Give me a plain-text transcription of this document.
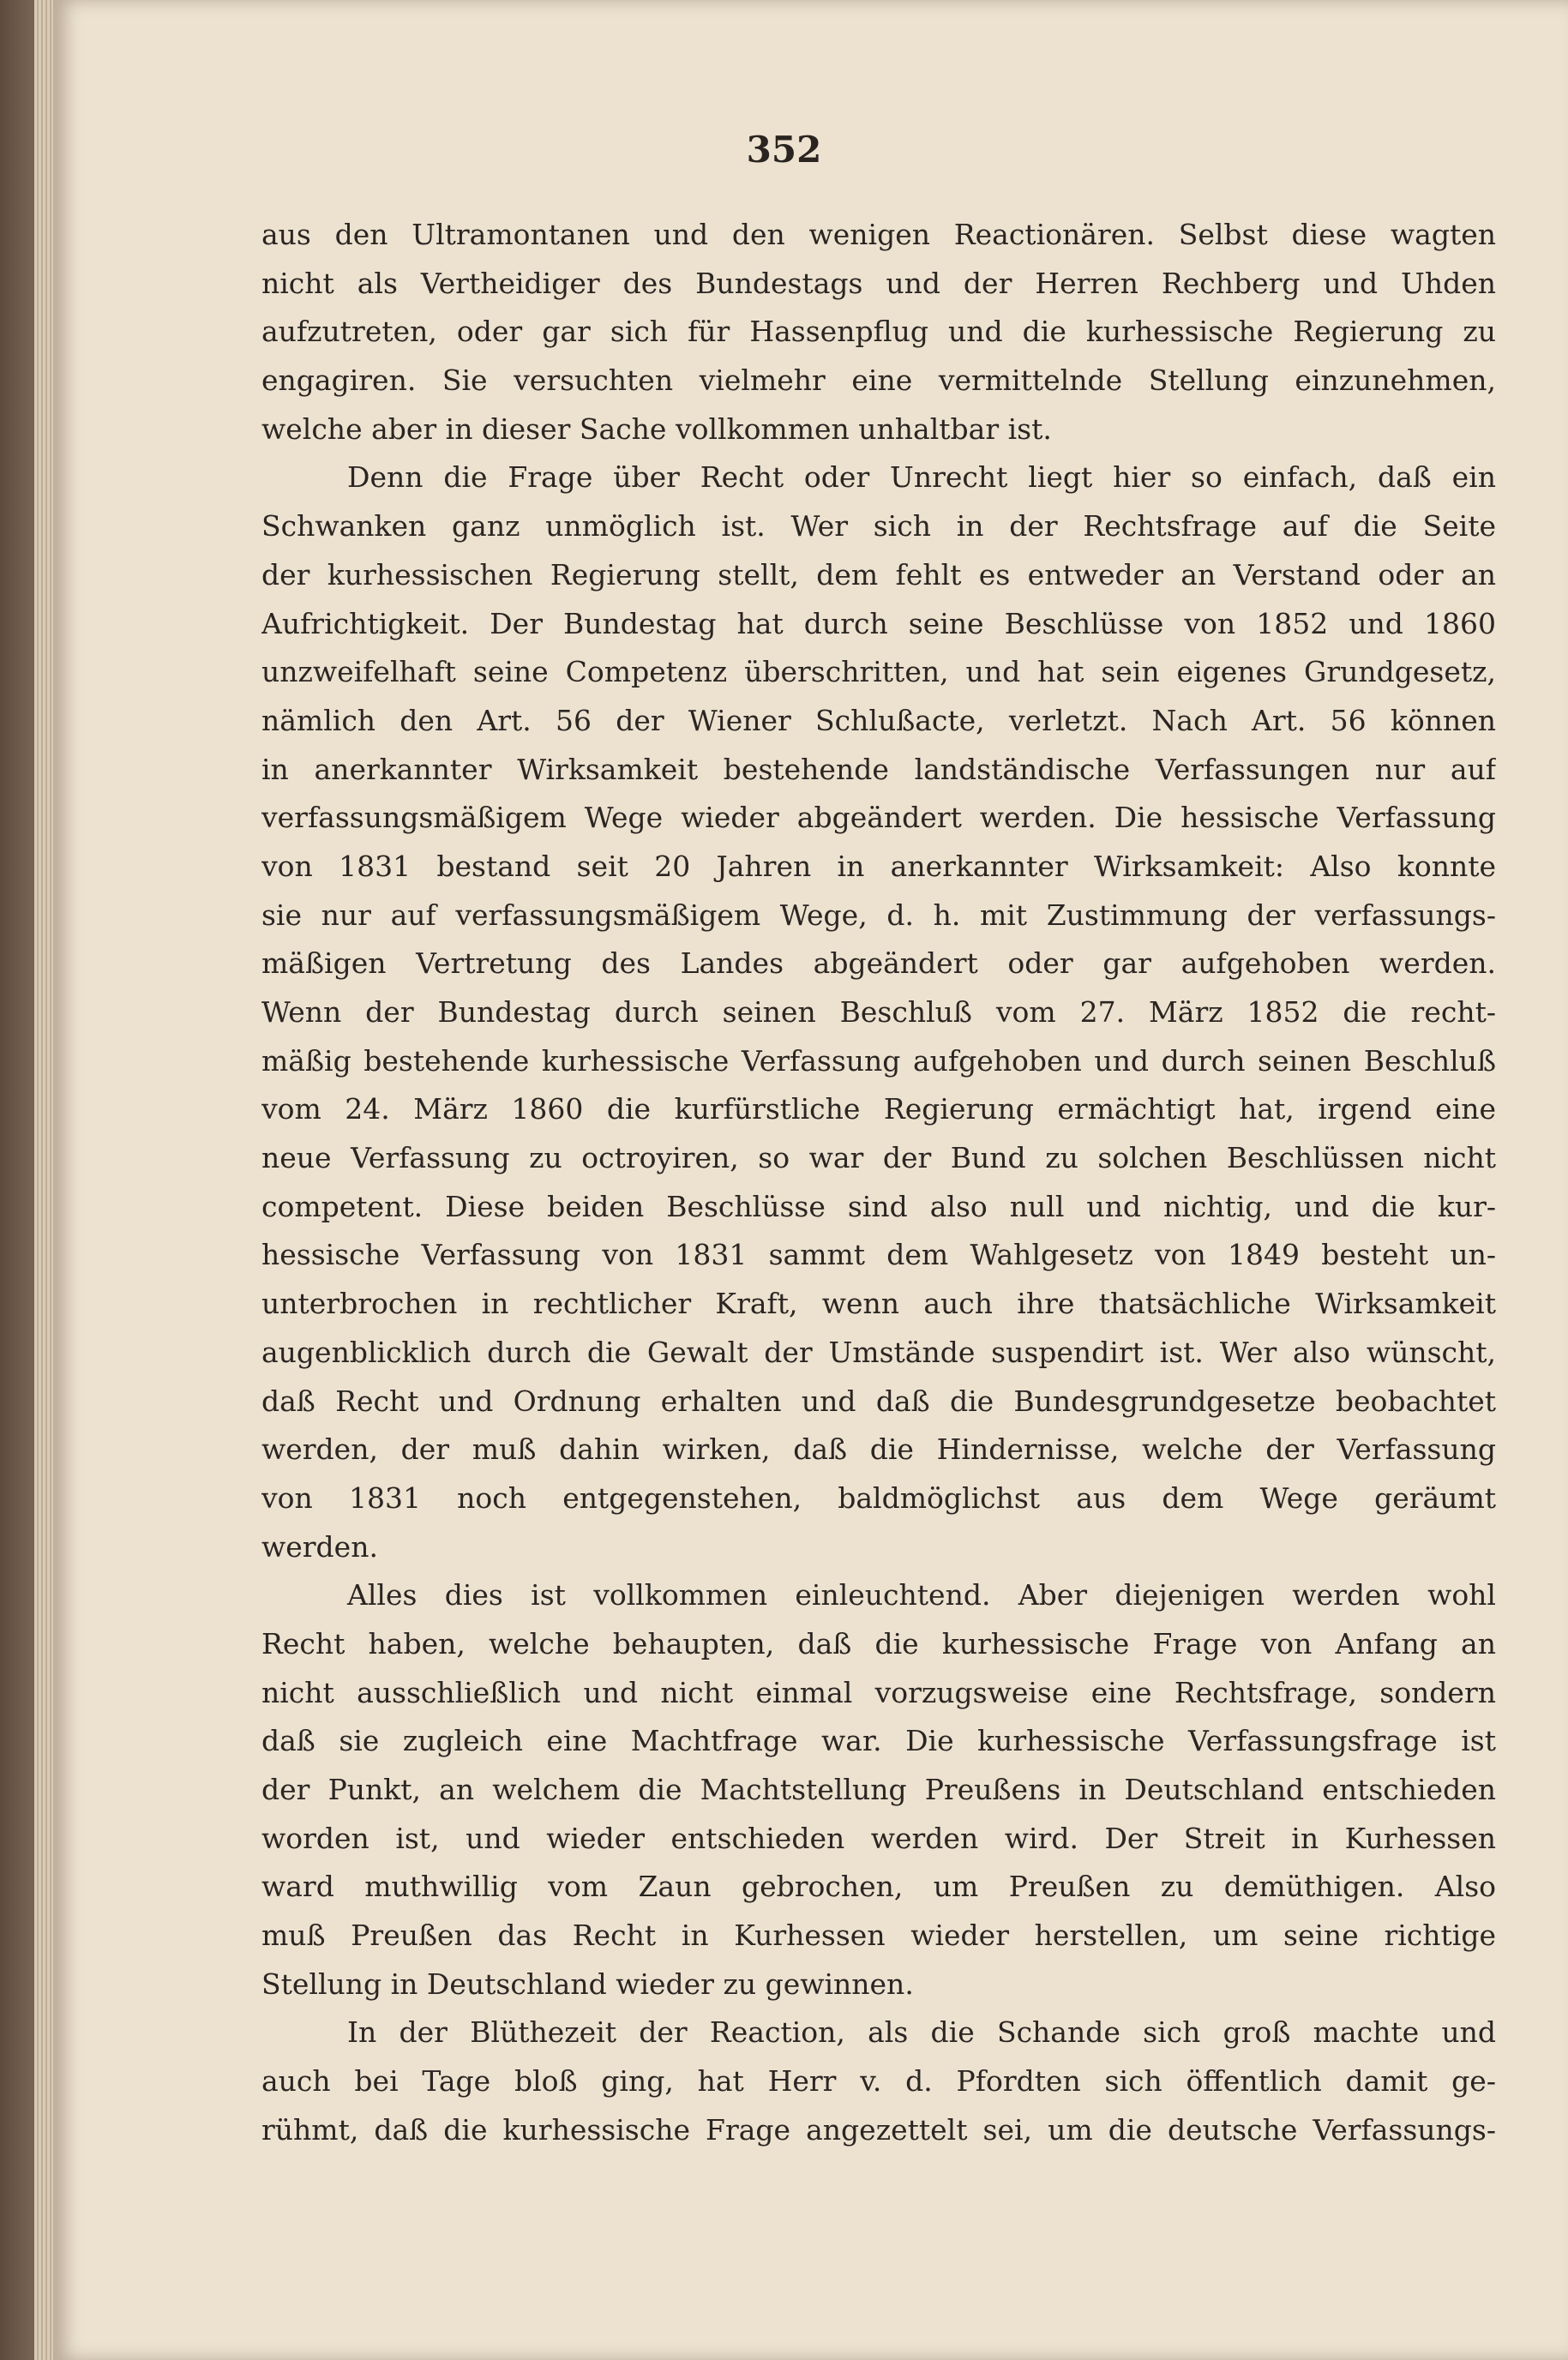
352
aus den Ultramontanen und den wenigen Reactionären. Selbst diese wagten
nicht als Vertheidiger des Bundestags und der Herren Rechberg und Uhden
aufzutreten, oder gar sich für Hassenpflug und die kurhessische Regierung zu
engagiren. Sie versuchten vielmehr eine vermittelnde Stellung einzunehmen,
welche aber in dieser Sache vollkommen unhaltbar ist.
Denn die Frage über Recht oder Unrecht liegt hier so einfach, daß ein
Schwanken ganz unmöglich ist. Wer sich in der Rechtsfrage auf die Seite
der kurhessischen Regierung stellt, dem fehlt es entweder an Verstand oder an
Aufrichtigkeit. Der Bundestag hat durch seine Beschlüsse von 1852 und 1860
unzweifelhaft seine Competenz überschritten, und hat sein eigenes Grundgesetz,
nämlich den Art. 56 der Wiener Schlußacte, verletzt. Nach Art. 56 können
in anerkannter Wirksamkeit bestehende landständische Verfassungen nur auf
verfassungsmäßigem Wege wieder abgeändert werden. Die hessische Verfassung
von 1831 bestand seit 20 Jahren in anerkannter Wirksamkeit: Also konnte
sie nur auf verfassungsmäßigem Wege, d. h. mit Zustimmung der verfassungs-
mäßigen Vertretung des Landes abgeändert oder gar aufgehoben werden.
Wenn der Bundestag durch seinen Beschluß vom 27. März 1852 die recht-
mäßig bestehende kurhessische Verfassung aufgehoben und durch seinen Beschluß
vom 24. März 1860 die kurfürstliche Regierung ermächtigt hat, irgend eine
neue Verfassung zu octroyiren, so war der Bund zu solchen Beschlüssen nicht
competent. Diese beiden Beschlüsse sind also null und nichtig, und die kur-
hessische Verfassung von 1831 sammt dem Wahlgesetz von 1849 besteht un-
unterbrochen in rechtlicher Kraft, wenn auch ihre thatsächliche Wirksamkeit
augenblicklich durch die Gewalt der Umstände suspendirt ist. Wer also wünscht,
daß Recht und Ordnung erhalten und daß die Bundesgrundgesetze beobachtet
werden, der muß dahin wirken, daß die Hindernisse, welche der Verfassung
von 1831 noch entgegenstehen, baldmöglichst aus dem Wege geräumt
werden.
Alles dies ist vollkommen einleuchtend. Aber diejenigen werden wohl
Recht haben, welche behaupten, daß die kurhessische Frage von Anfang an
nicht ausschließlich und nicht einmal vorzugsweise eine Rechtsfrage, sondern
daß sie zugleich eine Machtfrage war. Die kurhessische Verfassungsfrage ist
der Punkt, an welchem die Machtstellung Preußens in Deutschland entschieden
worden ist, und wieder entschieden werden wird. Der Streit in Kurhessen
ward muthwillig vom Zaun gebrochen, um Preußen zu demüthigen. Also
muß Preußen das Recht in Kurhessen wieder herstellen, um seine richtige
Stellung in Deutschland wieder zu gewinnen.
In der Blüthezeit der Reaction, als die Schande sich groß machte und
auch bei Tage bloß ging, hat Herr v. d. Pfordten sich öffentlich damit ge-
rühmt, daß die kurhessische Frage angezettelt sei, um die deutsche Verfassungs-
